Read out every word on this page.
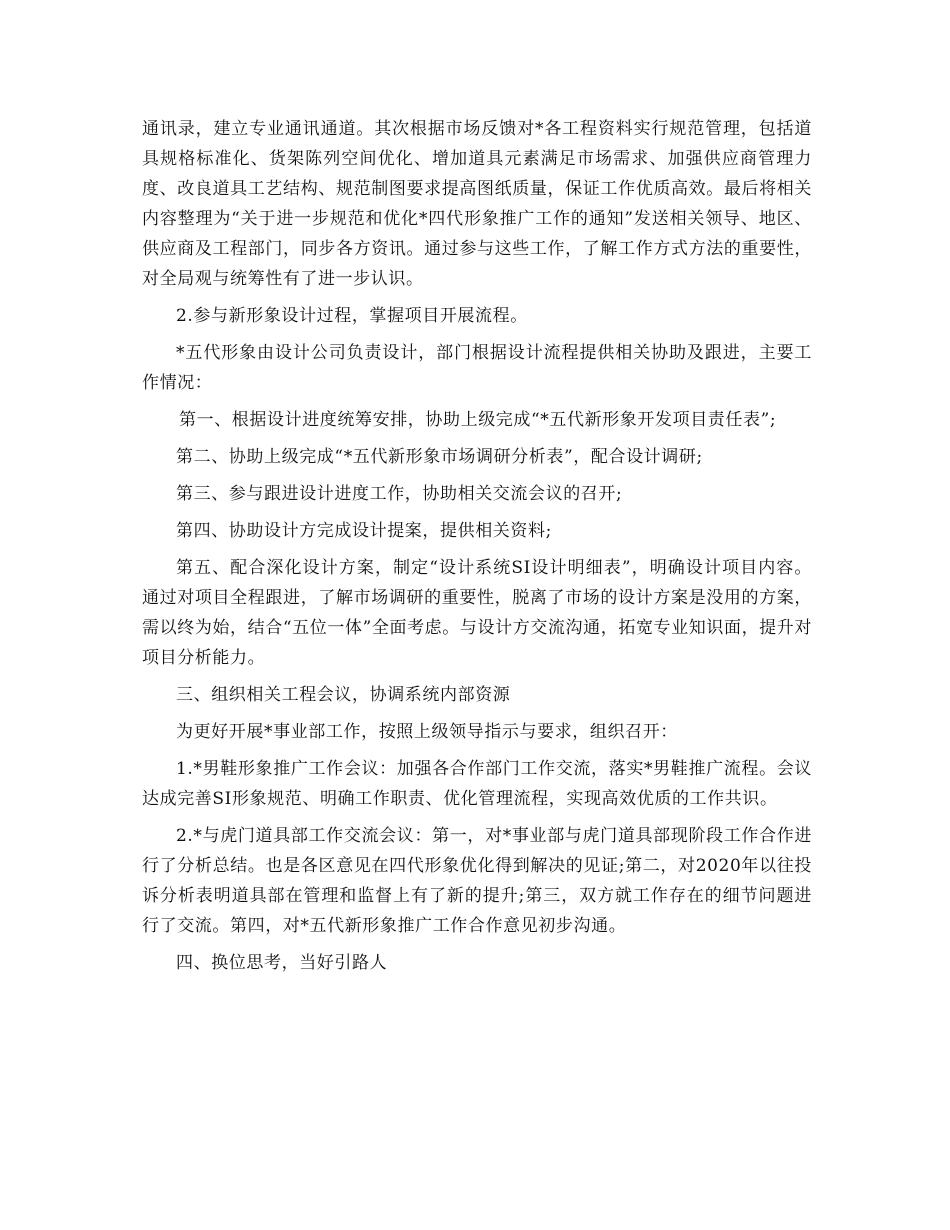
通讯录，建立专业通讯通道。其次根据市场反馈对*各工程资料实行规范管理，包括道具规格标准化、货架陈列空间优化、增加道具元素满足市场需求、加强供应商管理力度、改良道具工艺结构、规范制图要求提高图纸质量，保证工作优质高效。最后将相关内容整理为“关于进一步规范和优化*四代形象推广工作的通知”发送相关领导、地区、供应商及工程部门，同步各方资讯。通过参与这些工作，了解工作方式方法的重要性，对全局观与统筹性有了进一步认识。

2.参与新形象设计过程，掌握项目开展流程。

*五代形象由设计公司负责设计，部门根据设计流程提供相关协助及跟进，主要工作情况：

第一、根据设计进度统筹安排，协助上级完成“*五代新形象开发项目责任表”;

第二、协助上级完成“*五代新形象市场调研分析表”，配合设计调研;

第三、参与跟进设计进度工作，协助相关交流会议的召开;

第四、协助设计方完成设计提案，提供相关资料;

第五、配合深化设计方案，制定“设计系统SI设计明细表”，明确设计项目内容。通过对项目全程跟进，了解市场调研的重要性，脱离了市场的设计方案是没用的方案，需以终为始，结合“五位一体”全面考虑。与设计方交流沟通，拓宽专业知识面，提升对项目分析能力。

三、组织相关工程会议，协调系统内部资源

为更好开展*事业部工作，按照上级领导指示与要求，组织召开：

1.*男鞋形象推广工作会议：加强各合作部门工作交流，落实*男鞋推广流程。会议达成完善SI形象规范、明确工作职责、优化管理流程，实现高效优质的工作共识。

2.*与虎门道具部工作交流会议：第一，对*事业部与虎门道具部现阶段工作合作进行了分析总结。也是各区意见在四代形象优化得到解决的见证;第二，对2020年以往投诉分析表明道具部在管理和监督上有了新的提升;第三，双方就工作存在的细节问题进行了交流。第四，对*五代新形象推广工作合作意见初步沟通。

四、换位思考，当好引路人
